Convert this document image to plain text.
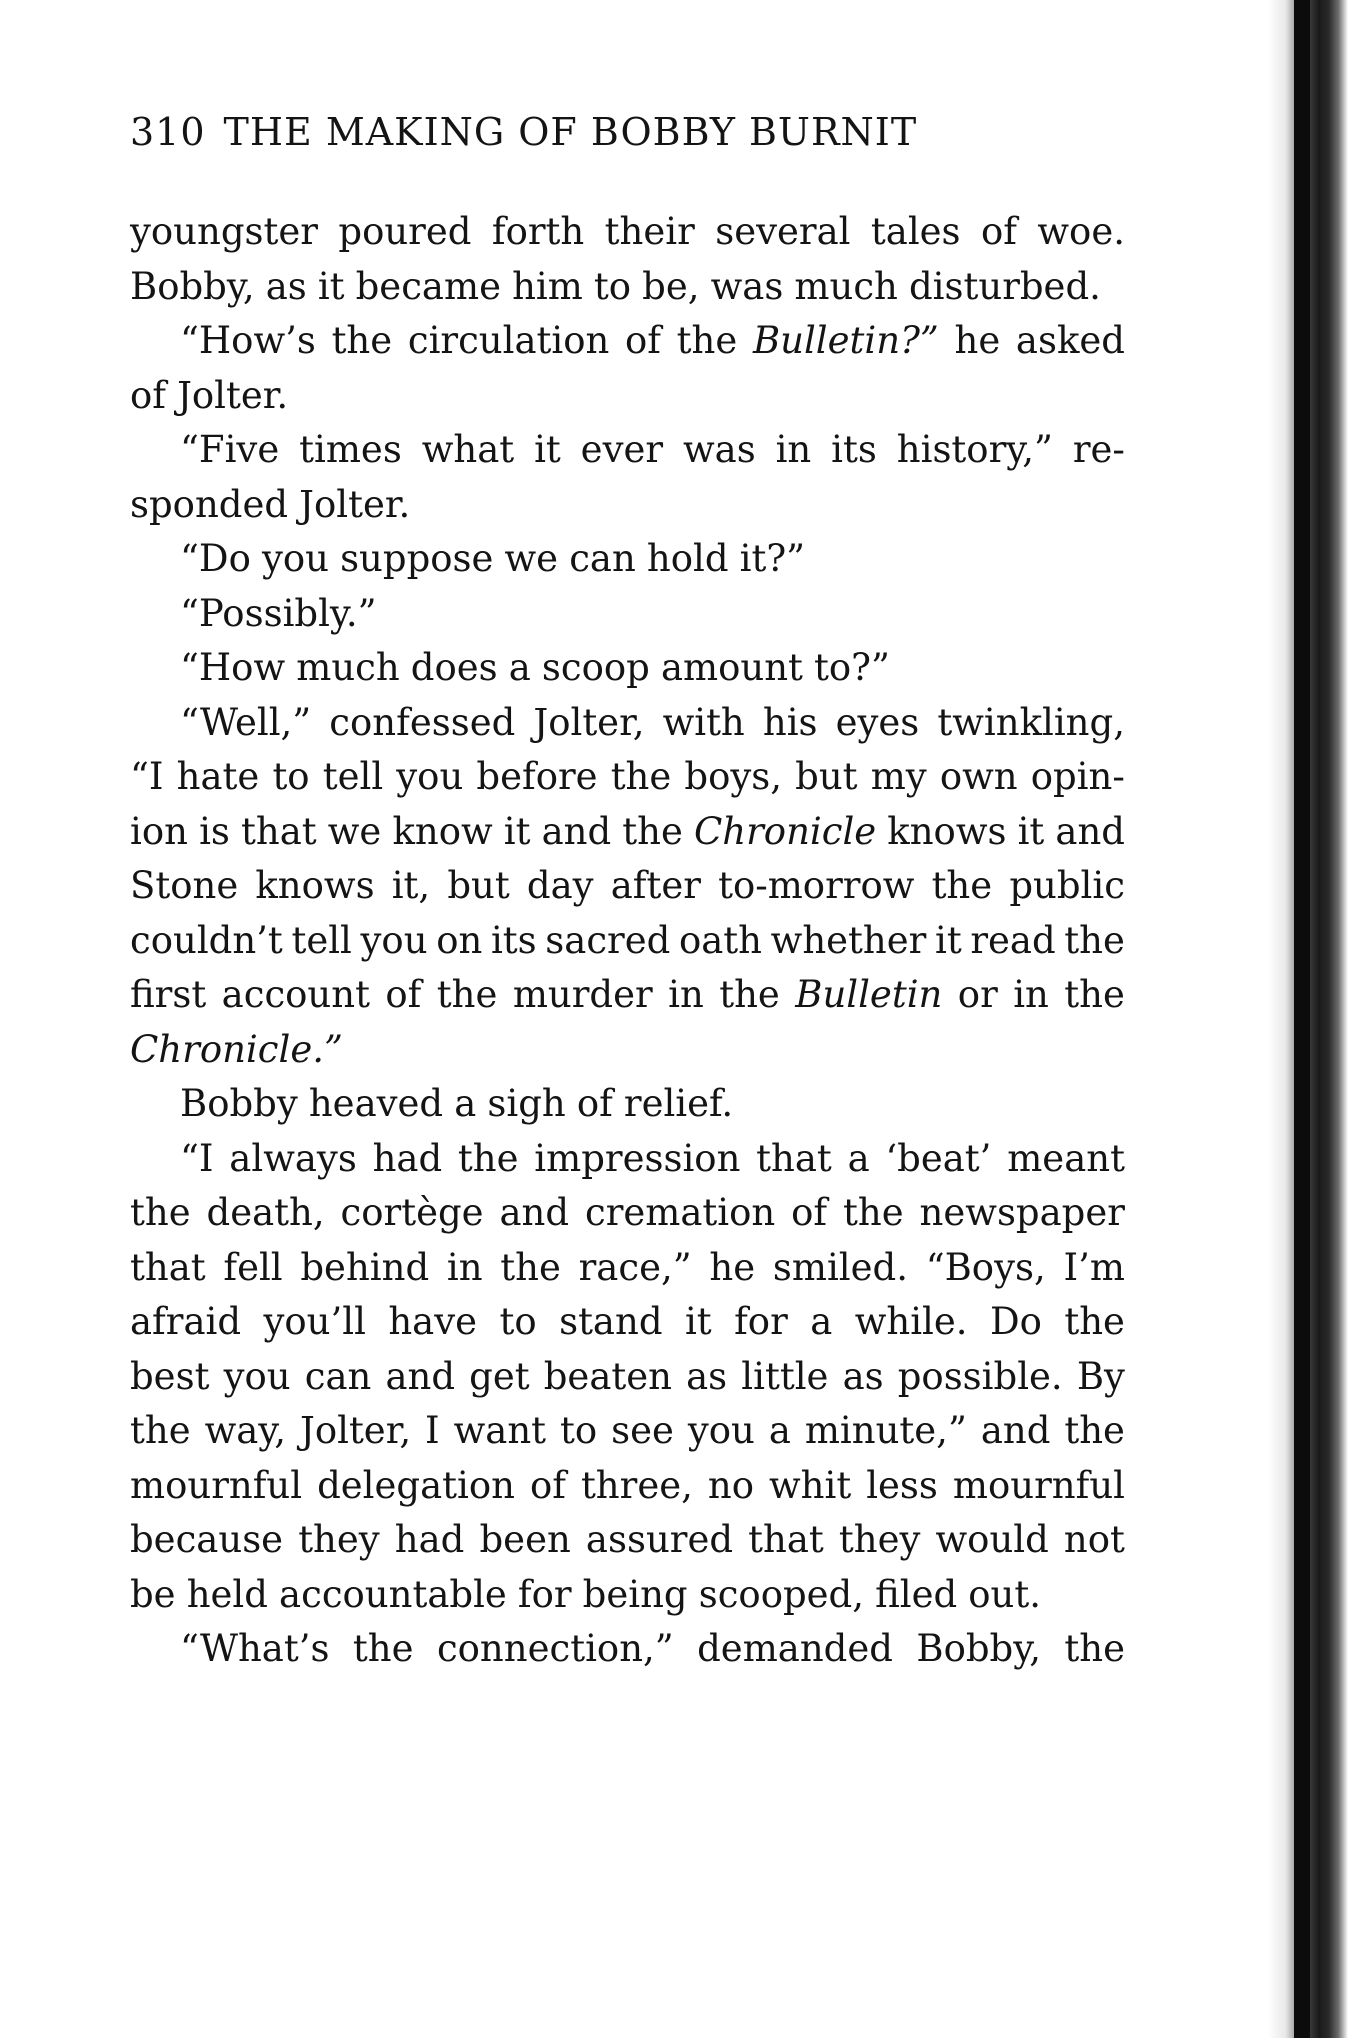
310 THE MAKING OF BOBBY BURNIT
youngster poured forth their several tales of woe.
Bobby, as it became him to be, was much disturbed.
“How’s the circulation of the Bulletin?” he asked
of Jolter.
“Five times what it ever was in its history,” re-
sponded Jolter.
“Do you suppose we can hold it?”
“Possibly.”
“How much does a scoop amount to?”
“Well,” confessed Jolter, with his eyes twinkling,
“I hate to tell you before the boys, but my own opin-
ion is that we know it and the Chronicle knows it and
Stone knows it, but day after to-morrow the public
couldn’t tell you on its sacred oath whether it read the
first account of the murder in the Bulletin or in the
Chronicle.”
Bobby heaved a sigh of relief.
“I always had the impression that a ‘beat’ meant
the death, cortège and cremation of the newspaper
that fell behind in the race,” he smiled. “Boys, I’m
afraid you’ll have to stand it for a while. Do the
best you can and get beaten as little as possible. By
the way, Jolter, I want to see you a minute,” and the
mournful delegation of three, no whit less mournful
because they had been assured that they would not
be held accountable for being scooped, filed out.
“What’s the connection,” demanded Bobby, the
